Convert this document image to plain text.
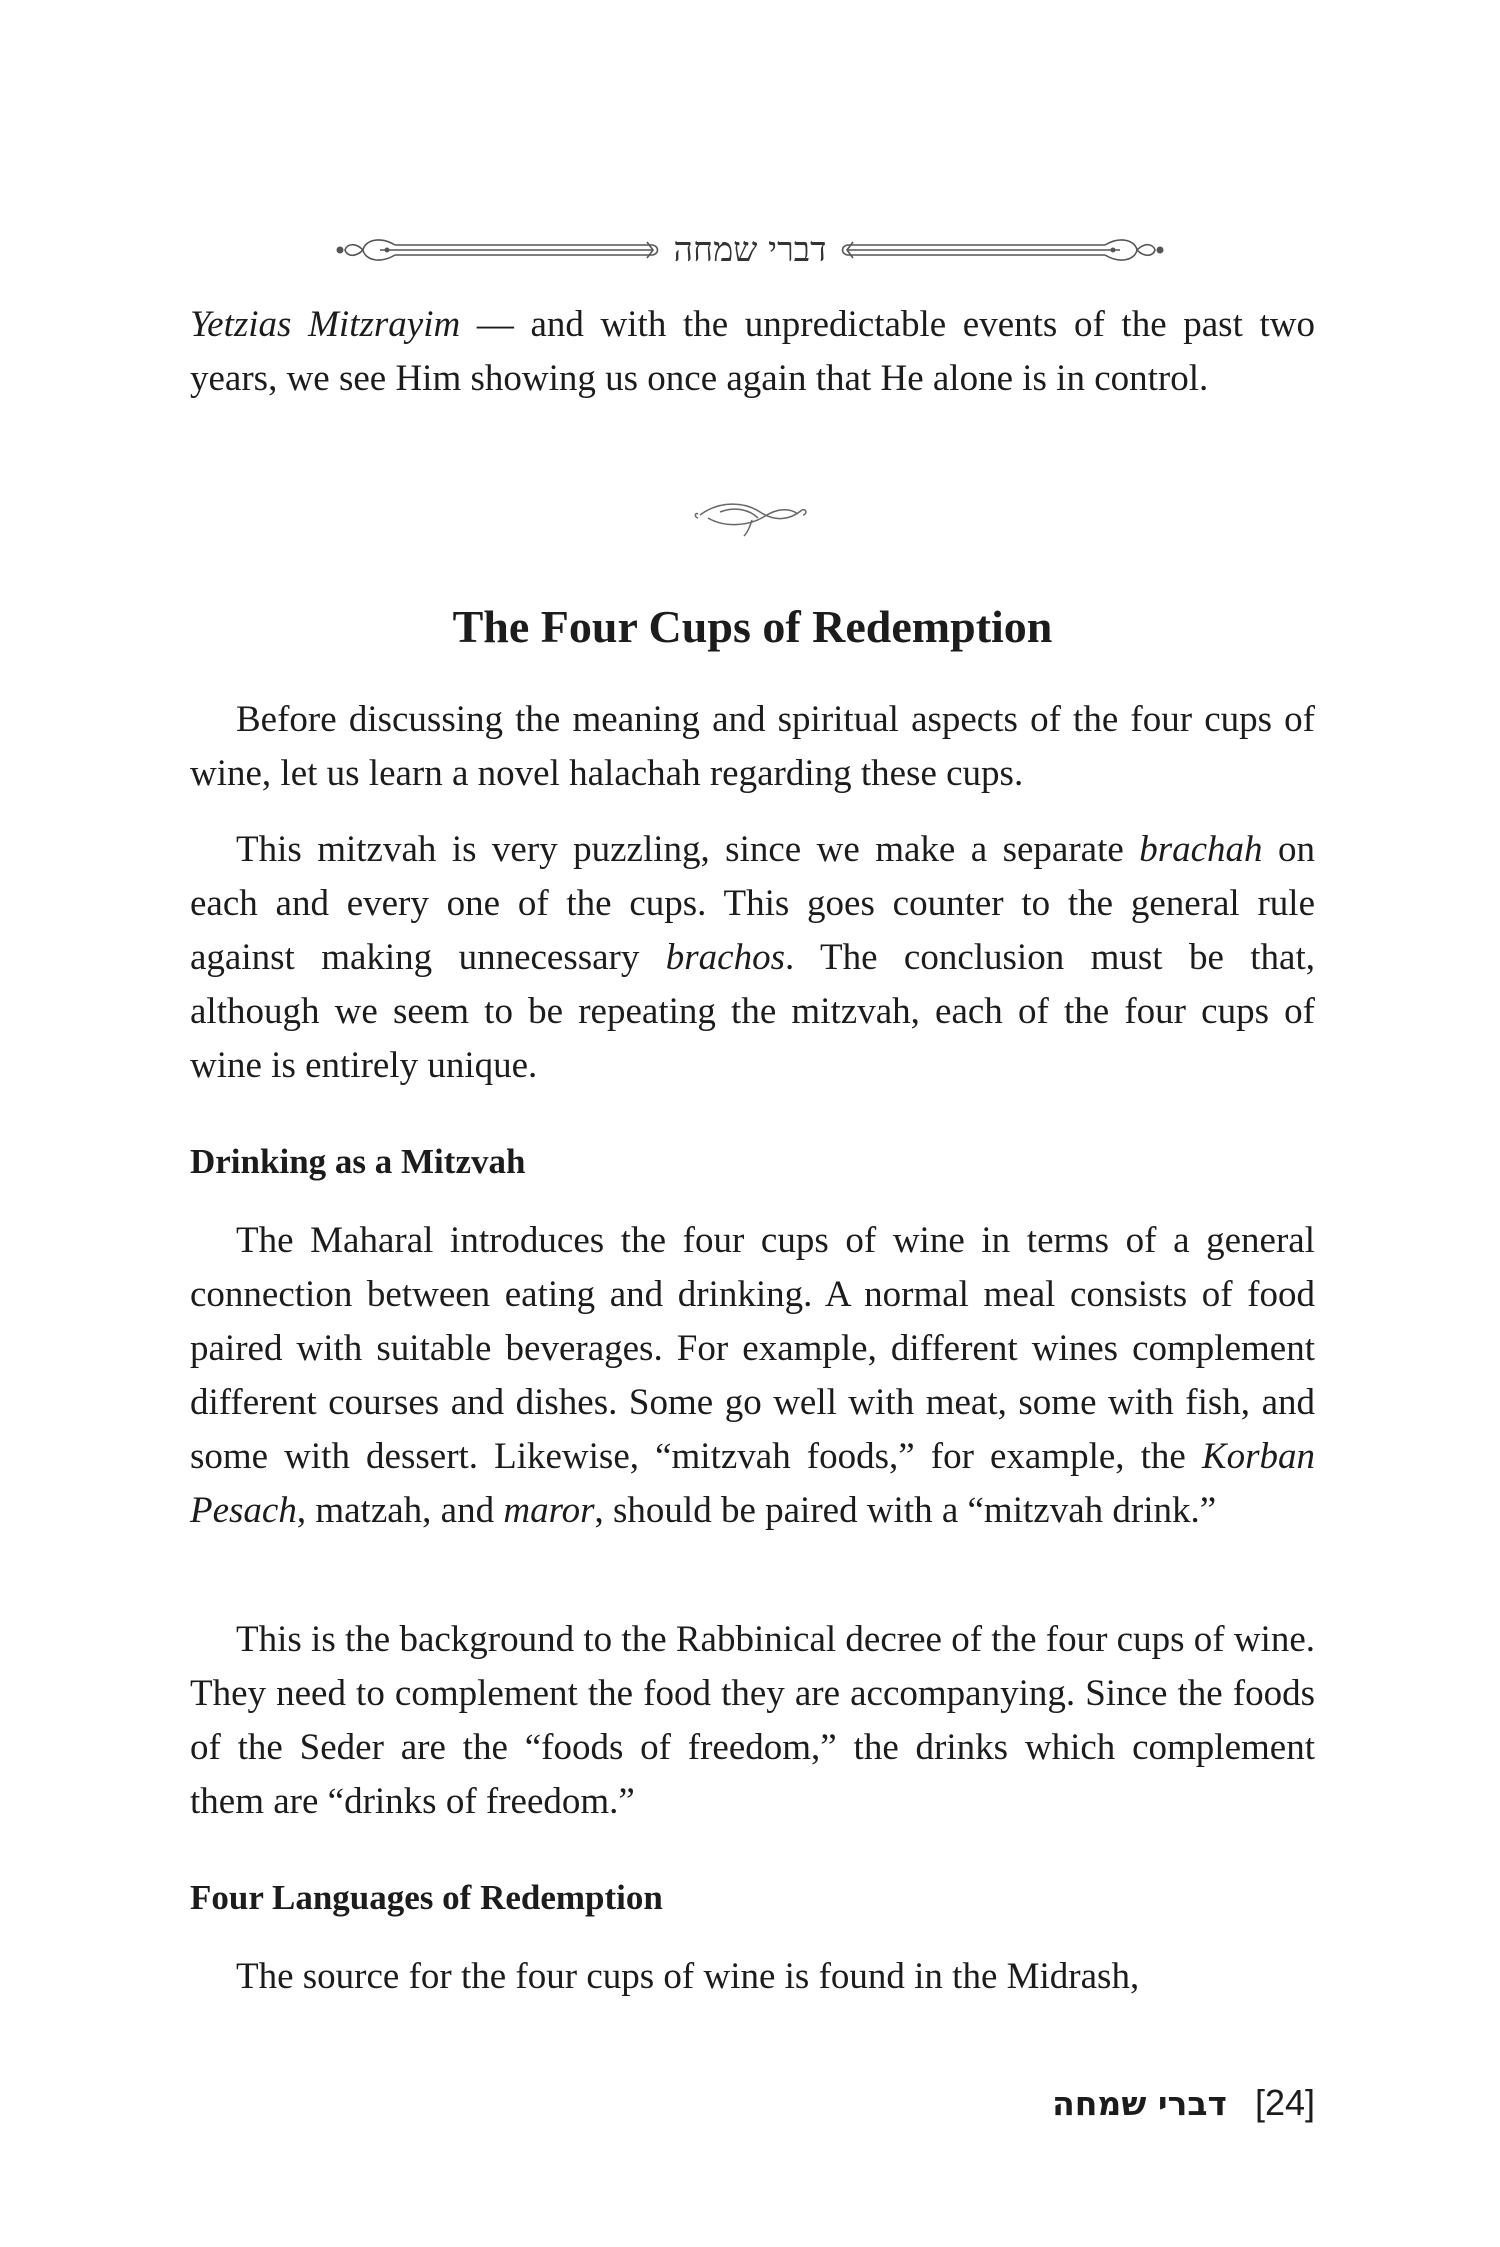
דברי שמחה

Yetzias Mitzrayim — and with the unpredictable events of the past two years, we see Him showing us once again that He alone is in control.

The Four Cups of Redemption

Before discussing the meaning and spiritual aspects of the four cups of wine, let us learn a novel halachah regarding these cups.

This mitzvah is very puzzling, since we make a separate brachah on each and every one of the cups. This goes counter to the general rule against making unnecessary brachos. The conclusion must be that, although we seem to be repeating the mitzvah, each of the four cups of wine is entirely unique.

Drinking as a Mitzvah

The Maharal introduces the four cups of wine in terms of a general connection between eating and drinking. A normal meal consists of food paired with suitable beverages. For example, different wines complement different courses and dishes. Some go well with meat, some with fish, and some with dessert. Likewise, “mitzvah foods,” for example, the Korban Pesach, matzah, and maror, should be paired with a “mitzvah drink.”

This is the background to the Rabbinical decree of the four cups of wine. They need to complement the food they are accompanying. Since the foods of the Seder are the “foods of freedom,” the drinks which complement them are “drinks of freedom.”

Four Languages of Redemption

The source for the four cups of wine is found in the Midrash,

דברי שמחה [24]
